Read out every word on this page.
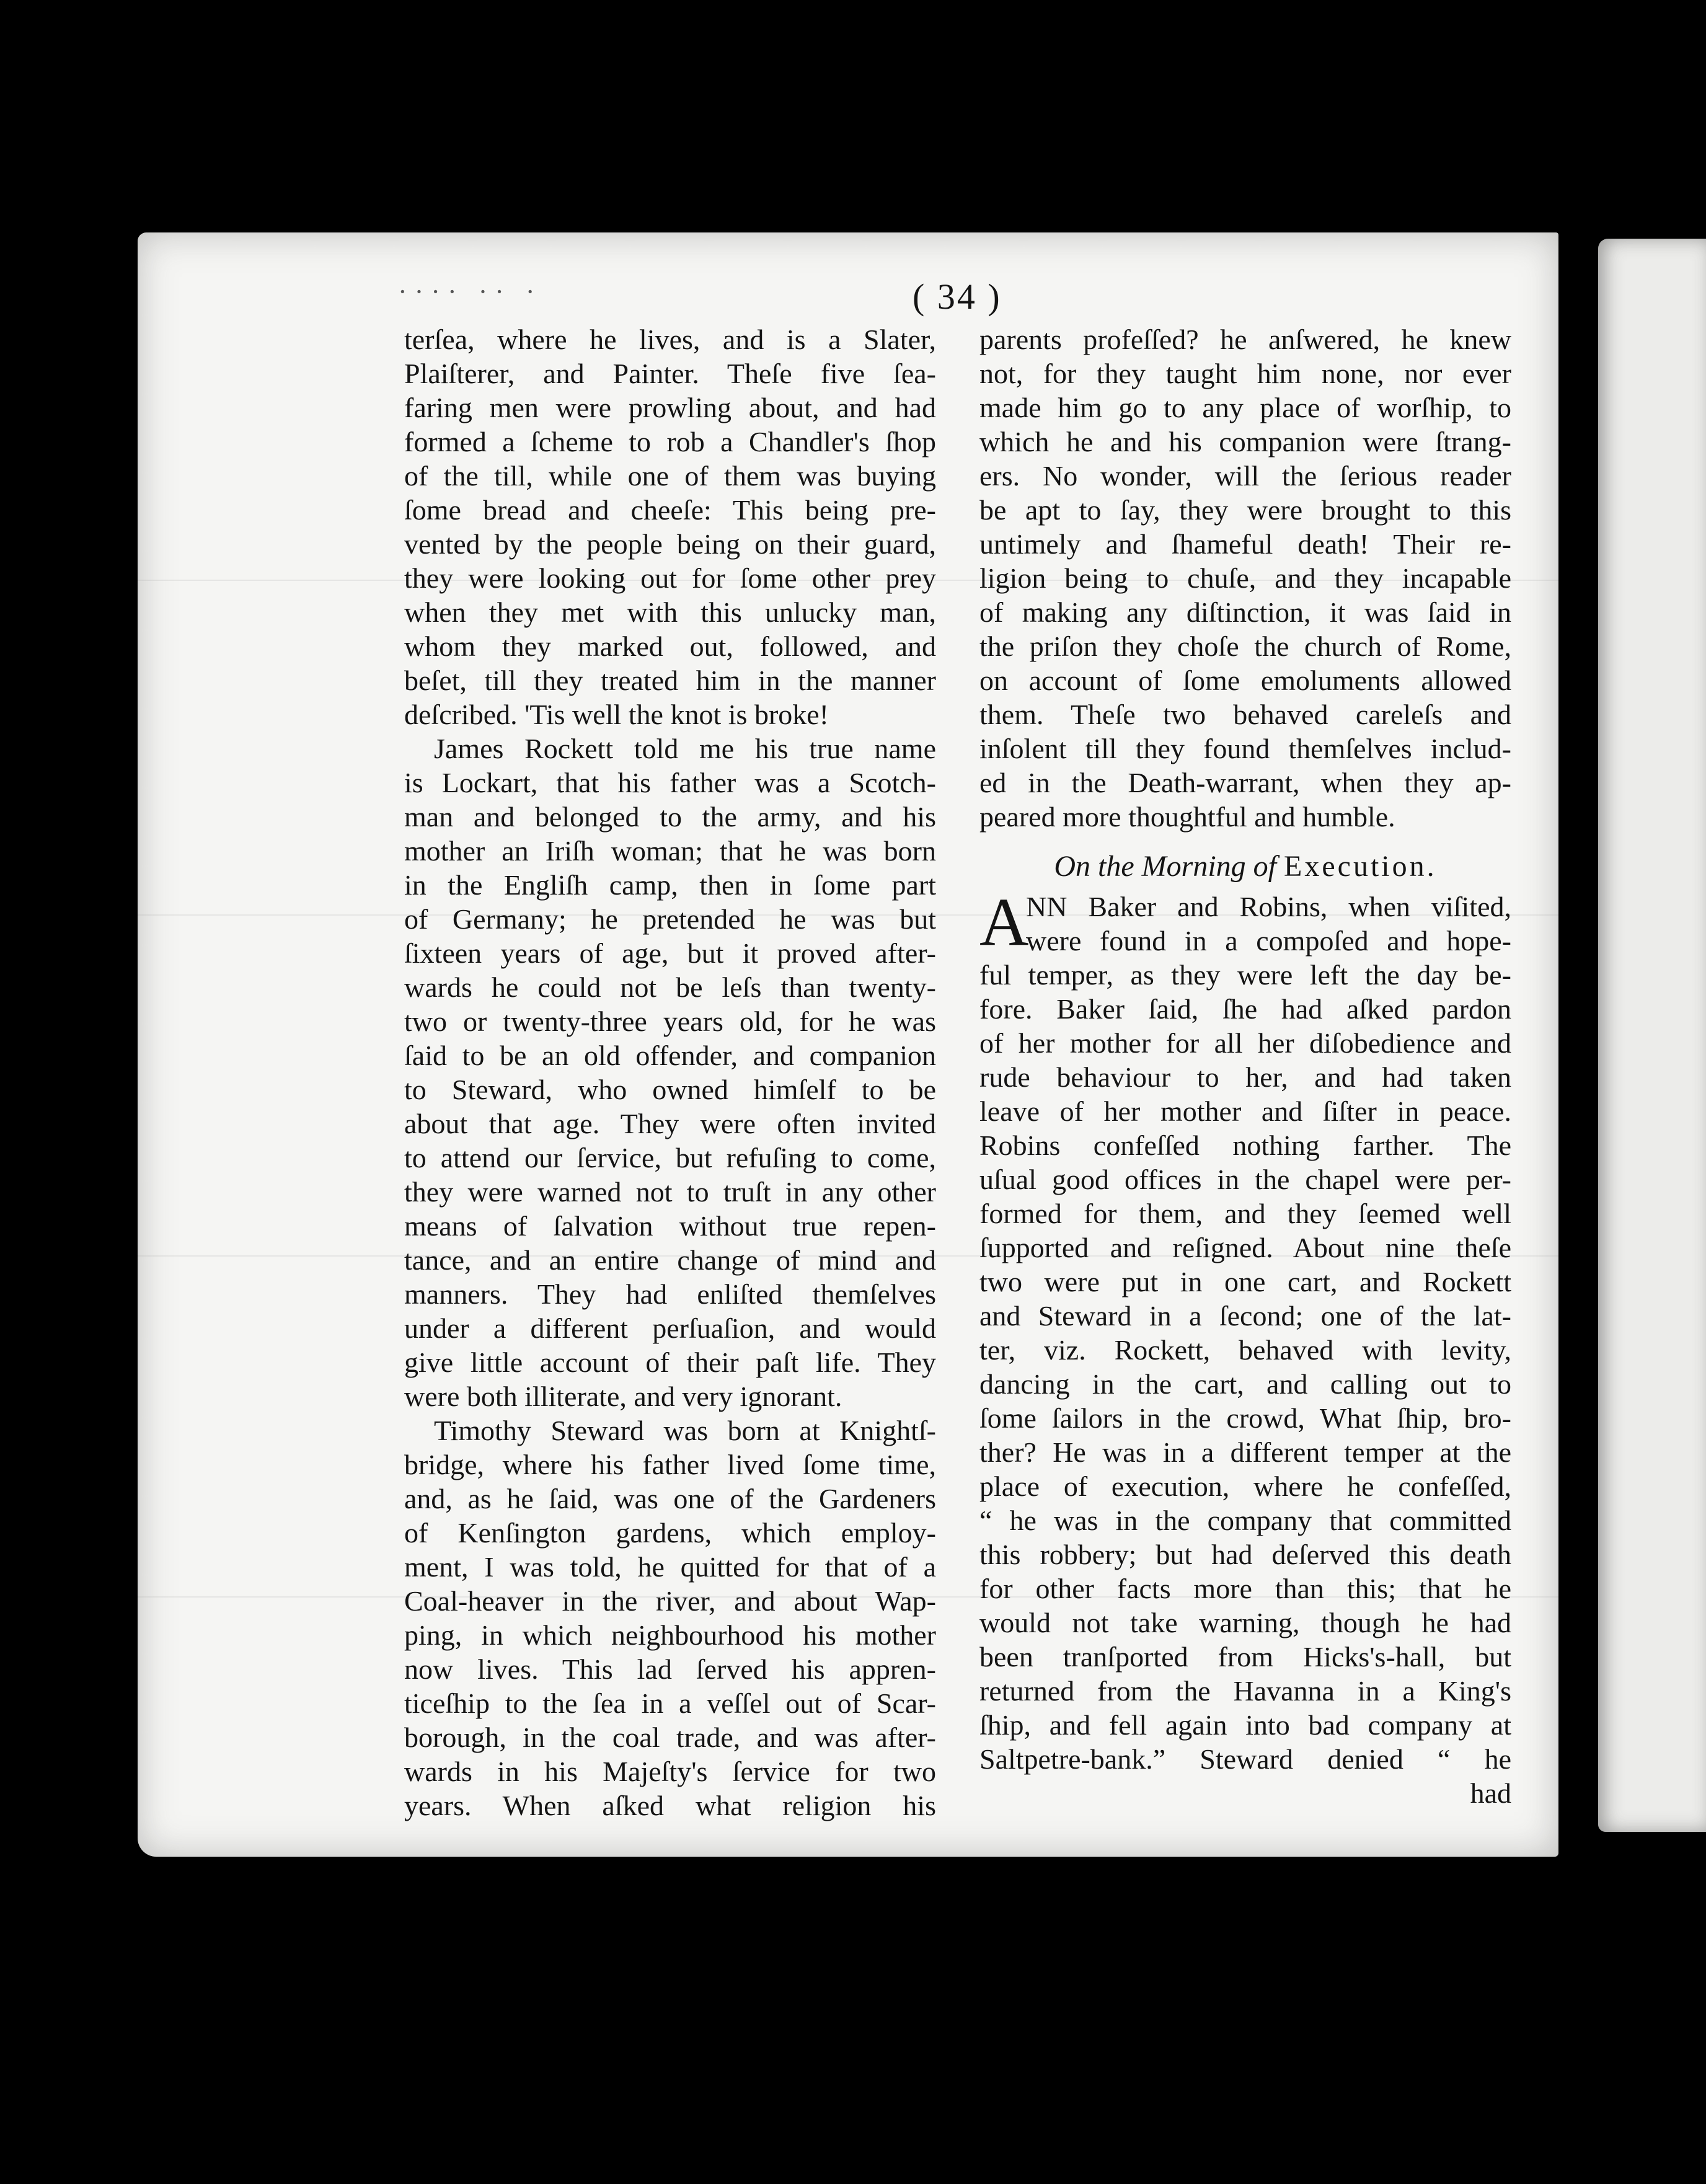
···· ·· ·	( 34 )
terſea, where he lives, and is a Slater,
Plaiſterer, and Painter. Theſe five ſea-
faring men were prowling about, and had
formed a ſcheme to rob a Chandler's ſhop
of the till, while one of them was buying
ſome bread and cheeſe: This being pre-
vented by the people being on their guard,
they were looking out for ſome other prey
when they met with this unlucky man,
whom they marked out, followed, and
beſet, till they treated him in the manner
deſcribed. 'Tis well the knot is broke!
James Rockett told me his true name
is Lockart, that his father was a Scotch-
man and belonged to the army, and his
mother an Iriſh woman; that he was born
in the Engliſh camp, then in ſome part
of Germany; he pretended he was but
ſixteen years of age, but it proved after-
wards he could not be leſs than twenty-
two or twenty-three years old, for he was
ſaid to be an old offender, and companion
to Steward, who owned himſelf to be
about that age. They were often invited
to attend our ſervice, but refuſing to come,
they were warned not to truſt in any other
means of ſalvation without true repen-
tance, and an entire change of mind and
manners. They had enliſted themſelves
under a different perſuaſion, and would
give little account of their paſt life. They
were both illiterate, and very ignorant.
Timothy Steward was born at Knightſ-
bridge, where his father lived ſome time,
and, as he ſaid, was one of the Gardeners
of Kenſington gardens, which employ-
ment, I was told, he quitted for that of a
Coal-heaver in the river, and about Wap-
ping, in which neighbourhood his mother
now lives. This lad ſerved his appren-
ticeſhip to the ſea in a veſſel out of Scar-
borough, in the coal trade, and was after-
wards in his Majeſty's ſervice for two
years. When aſked what religion his
parents profeſſed? he anſwered, he knew
not, for they taught him none, nor ever
made him go to any place of worſhip, to
which he and his companion were ſtrang-
ers. No wonder, will the ſerious reader
be apt to ſay, they were brought to this
untimely and ſhameful death! Their re-
ligion being to chuſe, and they incapable
of making any diſtinction, it was ſaid in
the priſon they choſe the church of Rome,
on account of ſome emoluments allowed
them. Theſe two behaved careleſs and
inſolent till they found themſelves includ-
ed in the Death-warrant, when they ap-
peared more thoughtful and humble.
On the Morning of Execution.
A
NN Baker and Robins, when viſited,
were found in a compoſed and hope-
ful temper, as they were left the day be-
fore. Baker ſaid, ſhe had aſked pardon
of her mother for all her diſobedience and
rude behaviour to her, and had taken
leave of her mother and ſiſter in peace.
Robins confeſſed nothing farther. The
uſual good offices in the chapel were per-
formed for them, and they ſeemed well
ſupported and reſigned. About nine theſe
two were put in one cart, and Rockett
and Steward in a ſecond; one of the lat-
ter, viz. Rockett, behaved with levity,
dancing in the cart, and calling out to
ſome ſailors in the crowd, What ſhip, bro-
ther? He was in a different temper at the
place of execution, where he confeſſed,
“ he was in the company that committed
this robbery; but had deſerved this death
for other facts more than this; that he
would not take warning, though he had
been tranſported from Hicks's-hall, but
returned from the Havanna in a King's
ſhip, and fell again into bad company at
Saltpetre-bank.” Steward denied “ he
had
